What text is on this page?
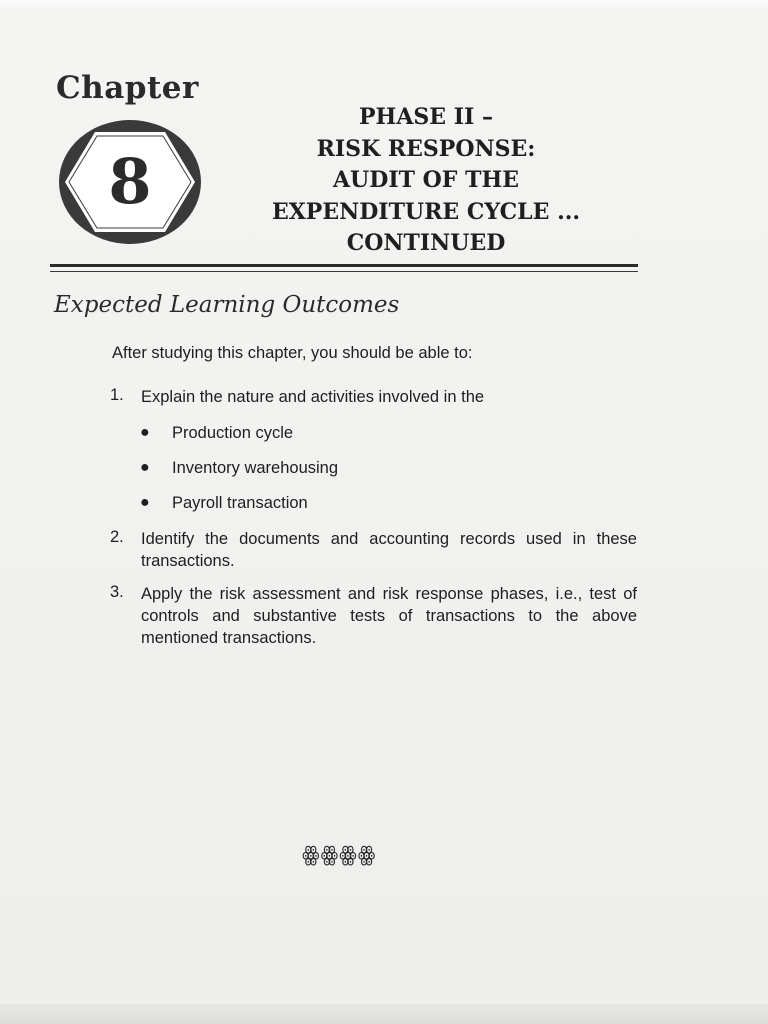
Chapter
8
PHASE II –
RISK RESPONSE:
AUDIT OF THE
EXPENDITURE CYCLE ...
CONTINUED
Expected Learning Outcomes
After studying this chapter, you should be able to:
1. Explain the nature and activities involved in the
● Production cycle
● Inventory warehousing
● Payroll transaction
2. Identify the documents and accounting records used in these transactions.
3. Apply the risk assessment and risk response phases, i.e., test of controls and substantive tests of transactions to the above mentioned transactions.
ꙮꙮꙮꙮ
